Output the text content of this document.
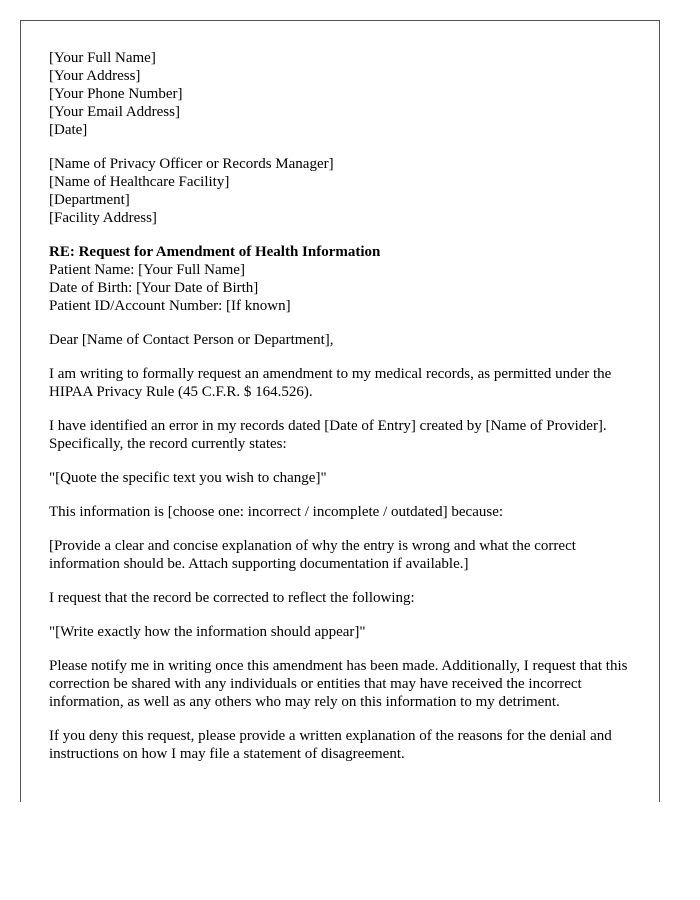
[Your Full Name]
[Your Address]
[Your Phone Number]
[Your Email Address]
[Date]
[Name of Privacy Officer or Records Manager]
[Name of Healthcare Facility]
[Department]
[Facility Address]
RE: Request for Amendment of Health Information
Patient Name: [Your Full Name]
Date of Birth: [Your Date of Birth]
Patient ID/Account Number: [If known]

Dear [Name of Contact Person or Department],

I am writing to formally request an amendment to my medical records, as permitted under the HIPAA Privacy Rule (45 C.F.R. $ 164.526).

I have identified an error in my records dated [Date of Entry] created by [Name of Provider]. Specifically, the record currently states:

"[Quote the specific text you wish to change]"

This information is [choose one: incorrect / incomplete / outdated] because:

[Provide a clear and concise explanation of why the entry is wrong and what the correct information should be. Attach supporting documentation if available.]

I request that the record be corrected to reflect the following:

"[Write exactly how the information should appear]"

Please notify me in writing once this amendment has been made. Additionally, I request that this correction be shared with any individuals or entities that may have received the incorrect information, as well as any others who may rely on this information to my detriment.

If you deny this request, please provide a written explanation of the reasons for the denial and instructions on how I may file a statement of disagreement.
